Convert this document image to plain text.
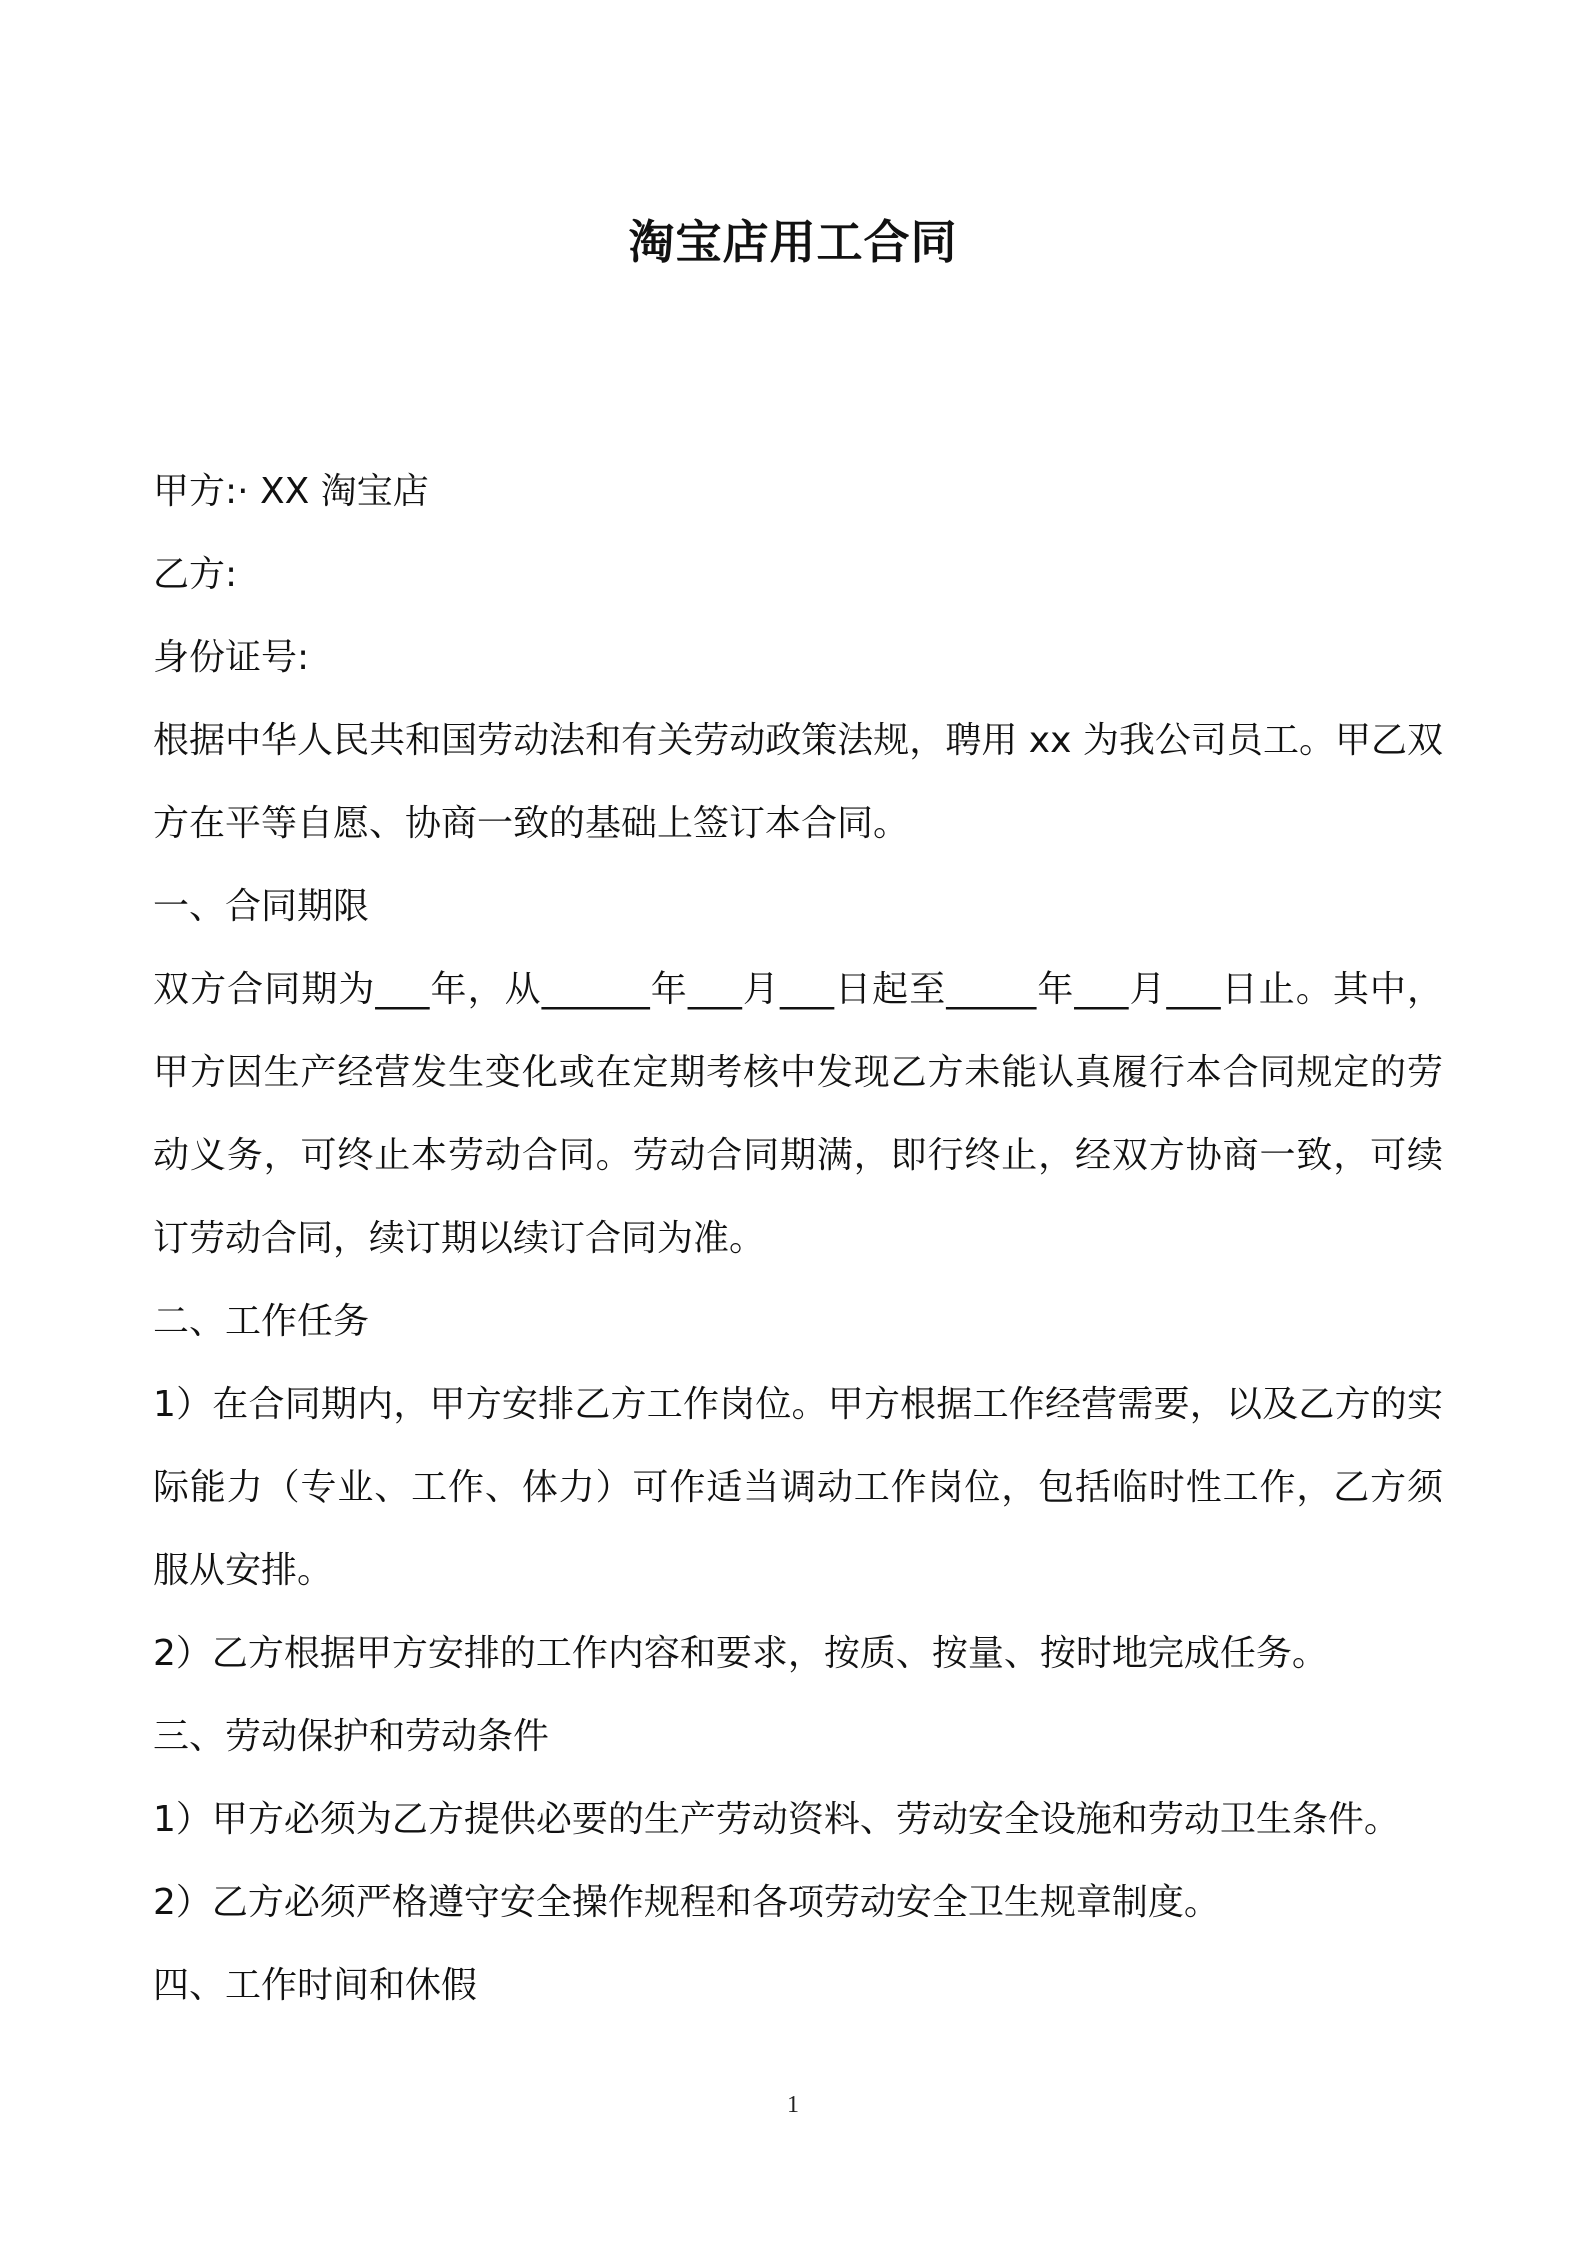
淘宝店用工合同

甲方:· XX 淘宝店

乙方:

身份证号:

根据中华人民共和国劳动法和有关劳动政策法规，聘用 xx 为我公司员工。甲乙双方在平等自愿、协商一致的基础上签订本合同。

一、合同期限

双方合同期为___年，从______年___月___日起至_____年___月___日止。其中，甲方因生产经营发生变化或在定期考核中发现乙方未能认真履行本合同规定的劳动义务，可终止本劳动合同。劳动合同期满，即行终止，经双方协商一致，可续订劳动合同，续订期以续订合同为准。

二、工作任务

1）在合同期内，甲方安排乙方工作岗位。甲方根据工作经营需要，以及乙方的实际能力（专业、工作、体力）可作适当调动工作岗位，包括临时性工作，乙方须服从安排。

2）乙方根据甲方安排的工作内容和要求，按质、按量、按时地完成任务。

三、劳动保护和劳动条件

1）甲方必须为乙方提供必要的生产劳动资料、劳动安全设施和劳动卫生条件。

2）乙方必须严格遵守安全操作规程和各项劳动安全卫生规章制度。

四、工作时间和休假

1
